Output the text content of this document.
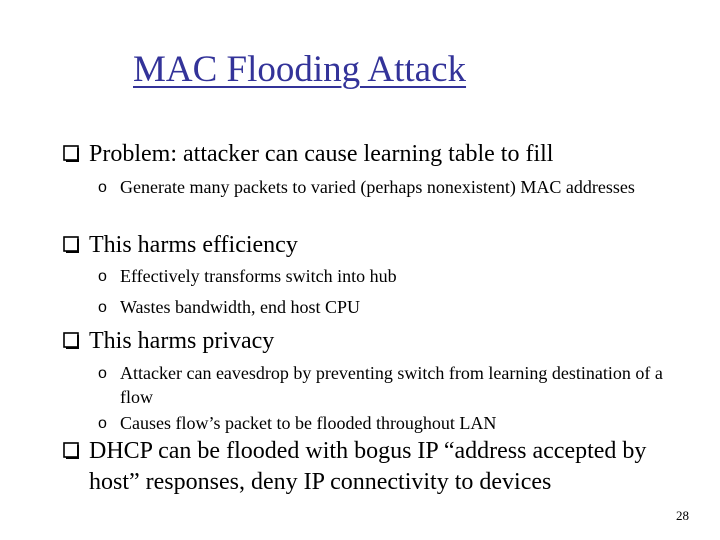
MAC Flooding Attack
Problem: attacker can cause learning table to fill
o Generate many packets to varied (perhaps nonexistent) MAC addresses
This harms efficiency
o Effectively transforms switch into hub
o Wastes bandwidth, end host CPU
This harms privacy
o Attacker can eavesdrop by preventing switch from learning destination of a flow
o Causes flow’s packet to be flooded throughout LAN
DHCP can be flooded with bogus IP “address accepted by host” responses, deny IP connectivity to devices
28
